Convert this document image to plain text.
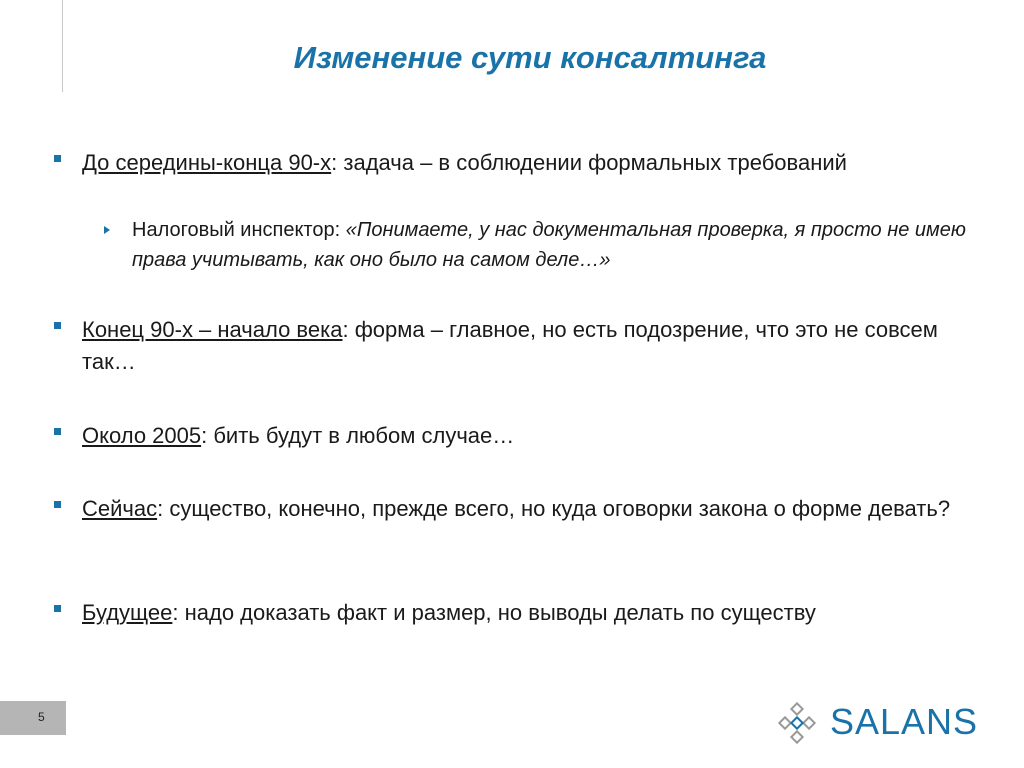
Изменение сути консалтинга
До середины-конца 90-х: задача – в соблюдении формальных требований
Налоговый инспектор: «Понимаете, у нас документальная проверка, я просто не имею права учитывать, как оно было на самом деле…»
Конец 90-х – начало века: форма – главное, но есть подозрение, что это не совсем так…
Около 2005: бить будут в любом случае…
Сейчас: существо, конечно, прежде всего, но куда оговорки закона о форме девать?
Будущее: надо доказать факт и размер, но выводы делать по существу
5	SALANS
